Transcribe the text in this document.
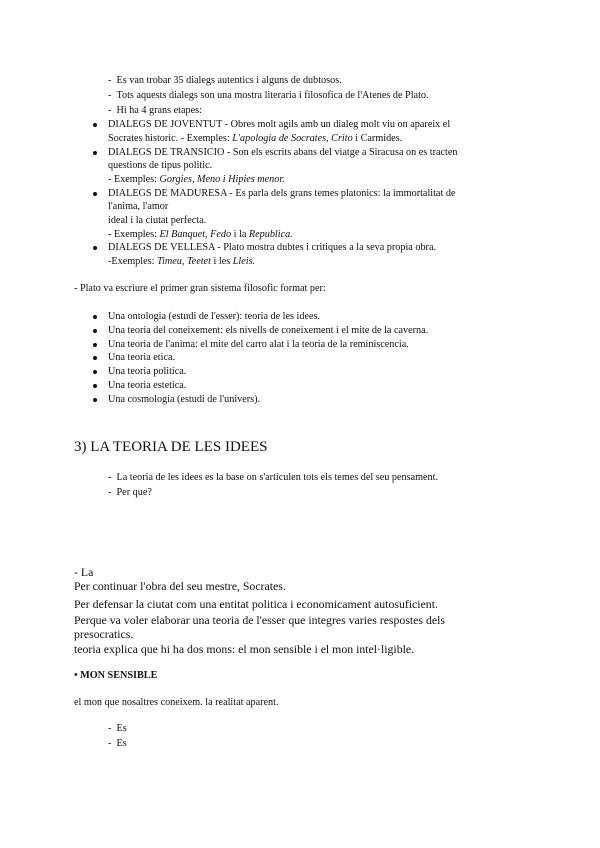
-  Es van trobar 35 dialegs autentics i alguns de dubtosos.
-  Tots aquests dialegs son una mostra literaria i filosofica de l'Atenes de Plato.
-  Hi ha 4 grans etapes:
DIALEGS DE JOVENTUT - Obres molt agils amb un dialeg molt viu on apareix el
Socrates historic. - Exemples: L'apologia de Socrates, Crito i Carmides.
DIALEGS DE TRANSICIO - Son els escrits abans del viatge a Siracusa on es tracten
questions de tipus politic.
- Exemples: Gorgies, Meno i Hipies menor.
DIALEGS DE MADURESA - Es parla dels grans temes platonics: la immortalitat de
l'anima, l'amor
ideal i la ciutat perfecta.
- Exemples: El Banquet, Fedo i la Republica.
DIALEGS DE VELLESA - Plato mostra dubtes i critiques a la seva propia obra.
-Exemples: Timeu, Teetet i les Lleis.
- Plato va escriure el primer gran sistema filosofic format per:
Una ontologia (estudi de l'esser): teoria de les idees.
Una teoria del coneixement: els nivells de coneixement i el mite de la caverna.
Una teoria de l'anima: el mite del carro alat i la teoria de la reminiscencia.
Una teoria etica.
Una teoria politica.
Una teoria estetica.
Una cosmologia (estudi de l'univers).
3) LA TEORIA DE LES IDEES
-  La teoria de les idees es la base on s'articulen tots els temes del seu pensament.
-  Per que?
- La
Per continuar l'obra del seu mestre, Socrates.
Per defensar la ciutat com una entitat politica i economicament autosuficient.
Perque va voler elaborar una teoria de l'esser que integres varies respostes dels
presocratics.
teoria explica que hi ha dos mons: el mon sensible i el mon intel·ligible.
• MON SENSIBLE
el mon que nosaltres coneixem. la realitat aparent.
-  Es
-  Es
